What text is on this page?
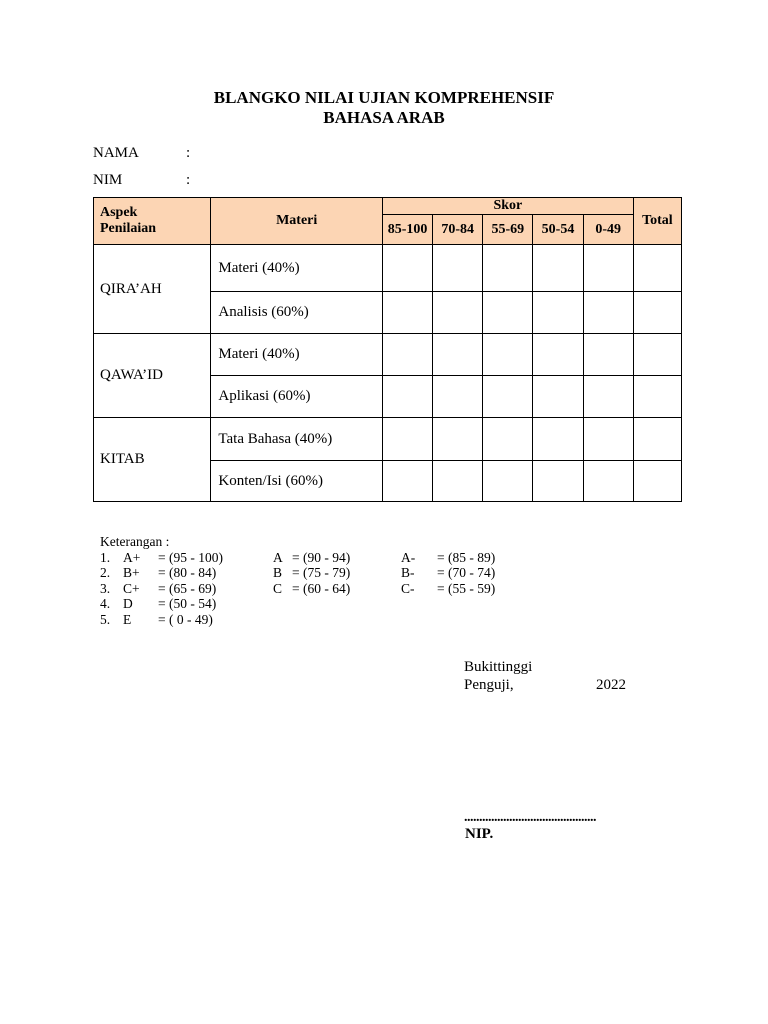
BLANGKO NILAI UJIAN KOMPREHENSIF
BAHASA ARAB
NAMA	:
NIM	:
Aspek
Penilaian	Materi	Skor					Total
		85-100	70-84	55-69	50-54	0-49	
QIRA’AH	Materi (40%)						
	Analisis (60%)						
QAWA’ID	Materi (40%)						
	Aplikasi (60%)						
KITAB	Tata Bahasa (40%)						
	Konten/Isi (60%)						
Keterangan :
1. A+ = (95 - 100)	A = (90 - 94)	A- = (85 - 89)
2. B+ = (80 - 84)	B = (75 - 79)	B- = (70 - 74)
3. C+ = (65 - 69)	C = (60 - 64)	C- = (55 - 59)
4. D = (50 - 54)
5. E = ( 0 - 49)
Bukittinggi
Penguji,	2022
............................................
NIP.
